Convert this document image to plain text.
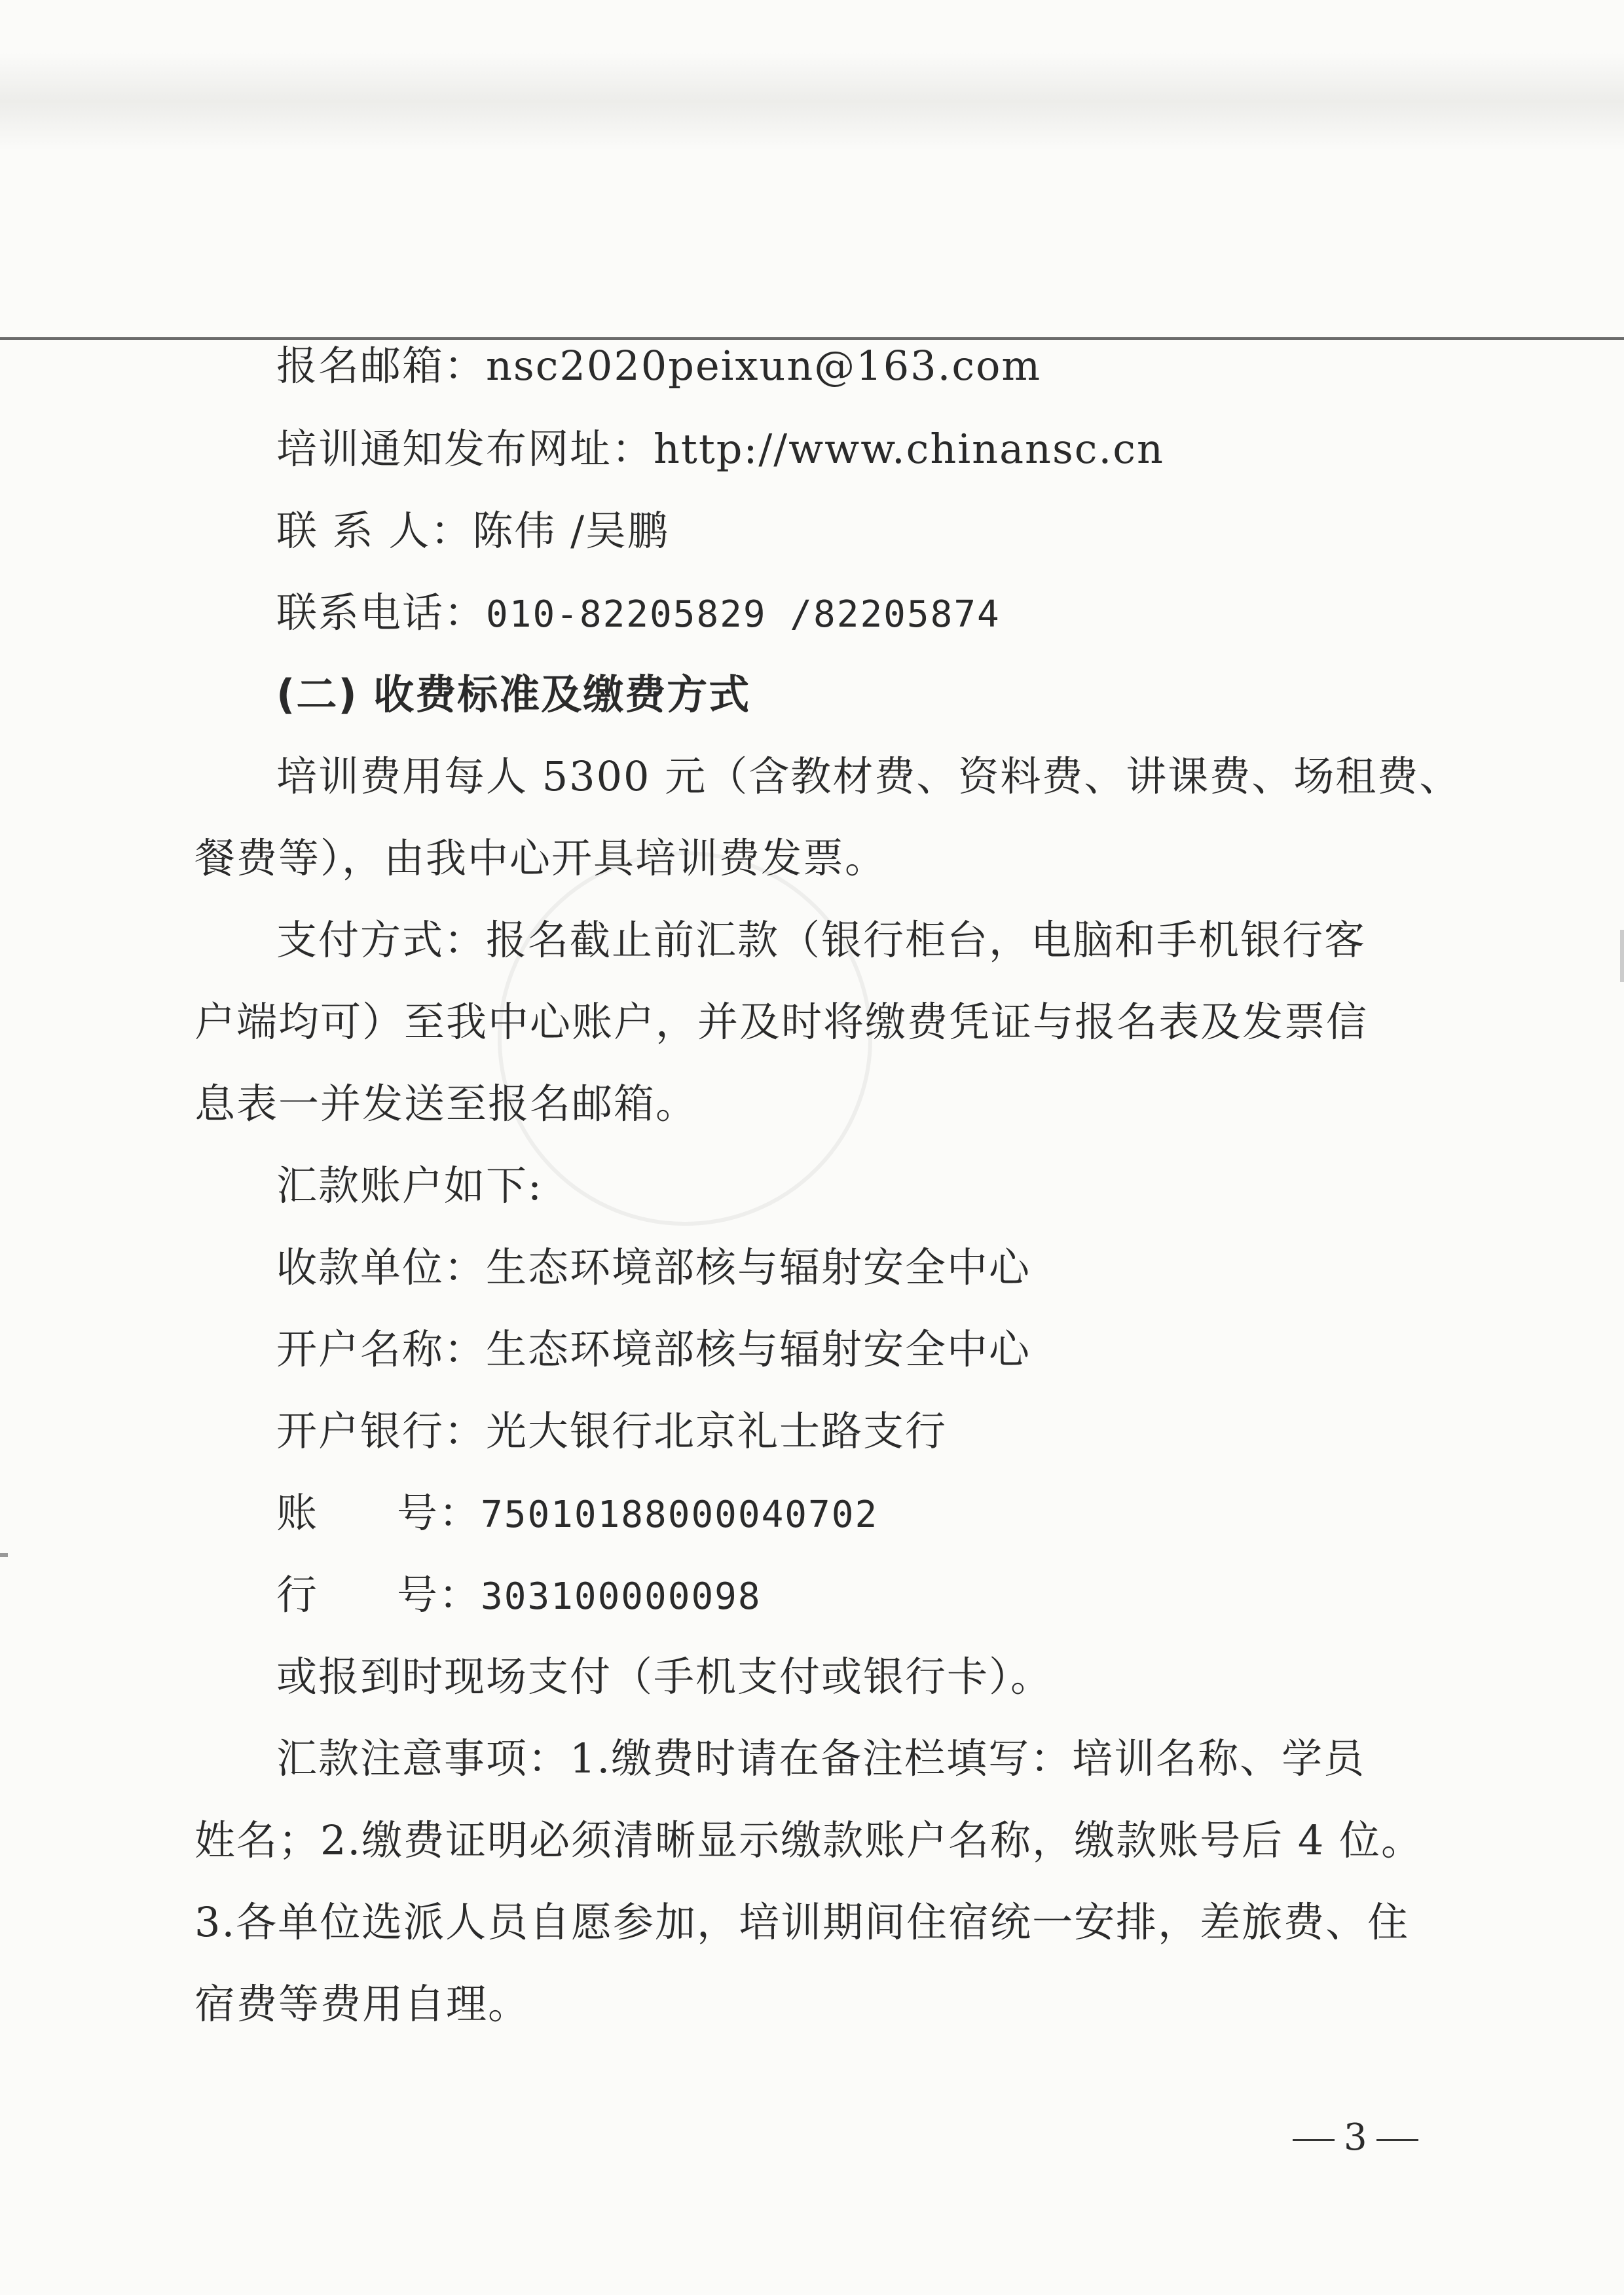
报名邮箱：nsc2020peixun@163.com
培训通知发布网址：http://www.chinansc.cn
联 系 人：陈伟 /吴鹏
联系电话：010-82205829 /82205874
(二) 收费标准及缴费方式
培训费用每人 5300 元（含教材费、资料费、讲课费、场租费、
餐费等），由我中心开具培训费发票。
支付方式：报名截止前汇款（银行柜台，电脑和手机银行客
户端均可）至我中心账户，并及时将缴费凭证与报名表及发票信
息表一并发送至报名邮箱。
汇款账户如下:
收款单位：生态环境部核与辐射安全中心
开户名称：生态环境部核与辐射安全中心
开户银行：光大银行北京礼士路支行
账 号：75010188000040702
行 号：303100000098
或报到时现场支付（手机支付或银行卡）。
汇款注意事项：1.缴费时请在备注栏填写：培训名称、学员
姓名；2.缴费证明必须清晰显示缴款账户名称，缴款账号后 4 位。
3.各单位选派人员自愿参加，培训期间住宿统一安排，差旅费、住
宿费等费用自理。
3
